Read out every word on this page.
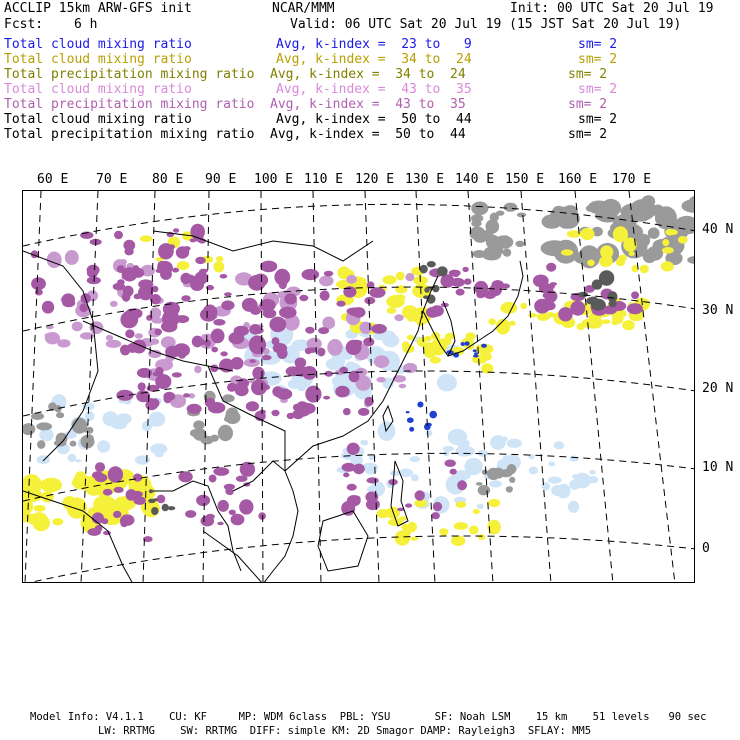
ACCLIP 15km ARW-GFS init	NCAR/MMM	Init: 00 UTC Sat 20 Jul 19
Fcst: 6 h	Valid: 06 UTC Sat 20 Jul 19 (15 JST Sat 20 Jul 19)
Total cloud mixing ratio	Avg, k-index =  23 to   9	sm= 2
Total cloud mixing ratio	Avg, k-index =  34 to  24	sm= 2
Total precipitation mixing ratio Avg, k-index =  34 to  24	sm= 2
Total cloud mixing ratio	Avg, k-index =  43 to  35	sm= 2
Total precipitation mixing ratio Avg, k-index =  43 to  35	sm= 2
Total cloud mixing ratio	Avg, k-index =  50 to  44	sm= 2
Total precipitation mixing ratio Avg, k-index =  50 to  44	sm= 2
60 E 70 E 80 E 90 E 100 E 110 E 120 E 130 E 140 E 150 E 160 E 170 E
40 N
30 N
20 N
10 N
0
Model Info: V4.1.1    CU: KF     MP: WDM 6class  PBL: YSU       SF: Noah LSM    15 km    51 levels   90 sec
LW: RRTMG    SW: RRTMG  DIFF: simple KM: 2D Smagor DAMP: Rayleigh3  SFLAY: MM5
